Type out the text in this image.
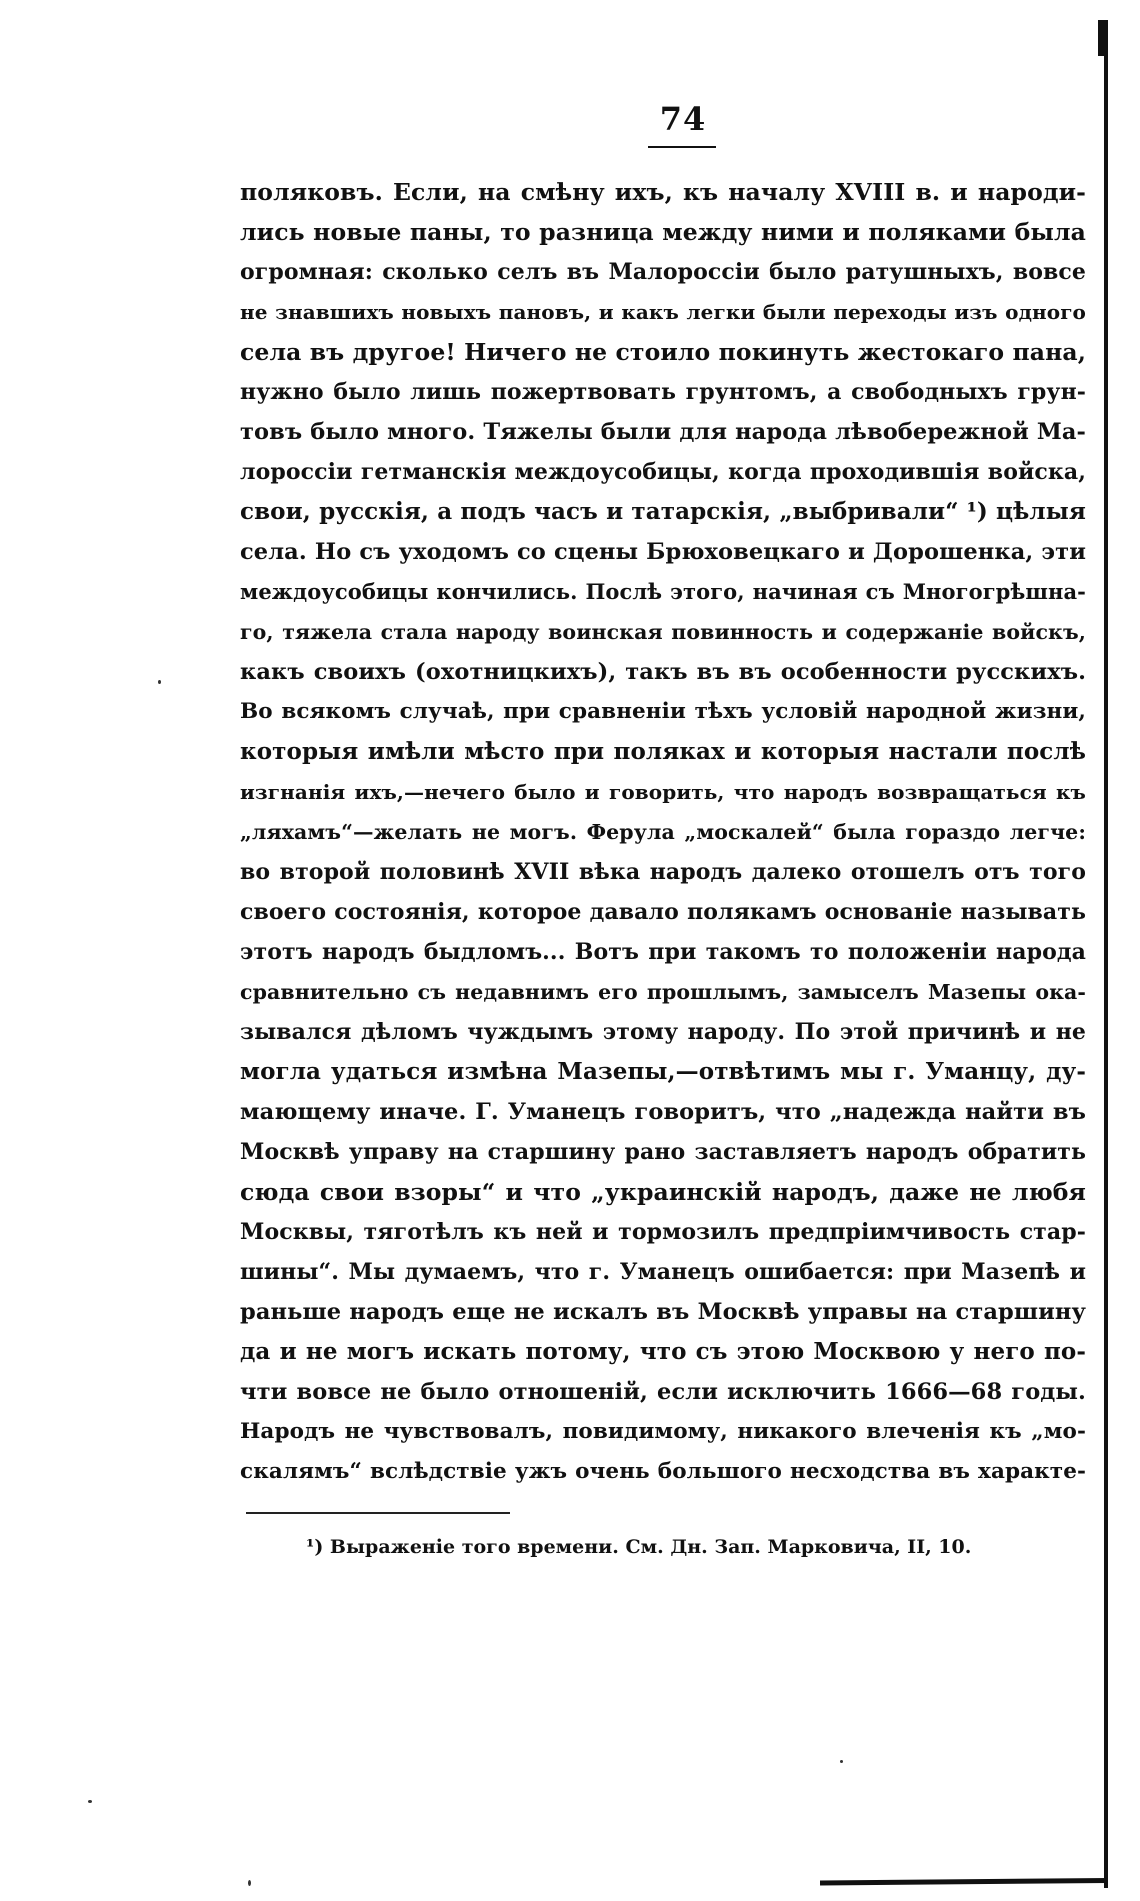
74
поляковъ. Если, на смѣну ихъ, къ началу XVIII в. и народи-
лись новые паны, то разница между ними и поляками была
огромная: сколько селъ въ Малороссiи было ратушныхъ, вовсе
не знавшихъ новыхъ пановъ, и какъ легки были переходы изъ одного
села въ другое! Ничего не стоило покинуть жестокаго пана,
нужно было лишь пожертвовать грунтомъ, а свободныхъ грун-
товъ было много. Тяжелы были для народа лѣвобережной Ма-
лороссiи гетманскiя междоусобицы, когда проходившiя войска,
свои, русскiя, а подъ часъ и татарскiя, „выбривали“ ¹) цѣлыя
села. Но съ уходомъ со сцены Брюховецкаго и Дорошенка, эти
междоусобицы кончились. Послѣ этого, начиная съ Многогрѣшна-
го, тяжела стала народу воинская повинность и содержанiе войскъ,
какъ своихъ (охотницкихъ), такъ въ въ особенности русскихъ.
Во всякомъ случаѣ, при сравненiи тѣхъ условiй народной жизни,
которыя имѣли мѣсто при поляках и которыя настали послѣ
изгнанiя ихъ,—нечего было и говорить, что народъ возвращаться къ
„ляхамъ“—желать не могъ. Ферула „москалей“ была гораздо легче:
во второй половинѣ XVII вѣка народъ далеко отошелъ отъ того
своего состоянiя, которое давало полякамъ основанiе называть
этотъ народъ быдломъ... Вотъ при такомъ то положенiи народа
сравнительно съ недавнимъ его прошлымъ, замыселъ Мазепы ока-
зывался дѣломъ чуждымъ этому народу. По этой причинѣ и не
могла удаться измѣна Мазепы,—отвѣтимъ мы г. Уманцу, ду-
мающему иначе. Г. Уманецъ говоритъ, что „надежда найти въ
Москвѣ управу на старшину рано заставляетъ народъ обратить
сюда свои взоры“ и что „украинскiй народъ, даже не любя
Москвы, тяготѣлъ къ ней и тормозилъ предпрiимчивость стар-
шины“. Мы думаемъ, что г. Уманецъ ошибается: при Мазепѣ и
раньше народъ еще не искалъ въ Москвѣ управы на старшину
да и не могъ искать потому, что съ этою Москвою у него по-
чти вовсе не было отношенiй, если исключить 1666—68 годы.
Народъ не чувствовалъ, повидимому, никакого влеченiя къ „мо-
скалямъ“ вслѣдствiе ужъ очень большого несходства въ характе-
¹) Выраженiе того времени. См. Дн. Зап. Марковича, II, 10.
